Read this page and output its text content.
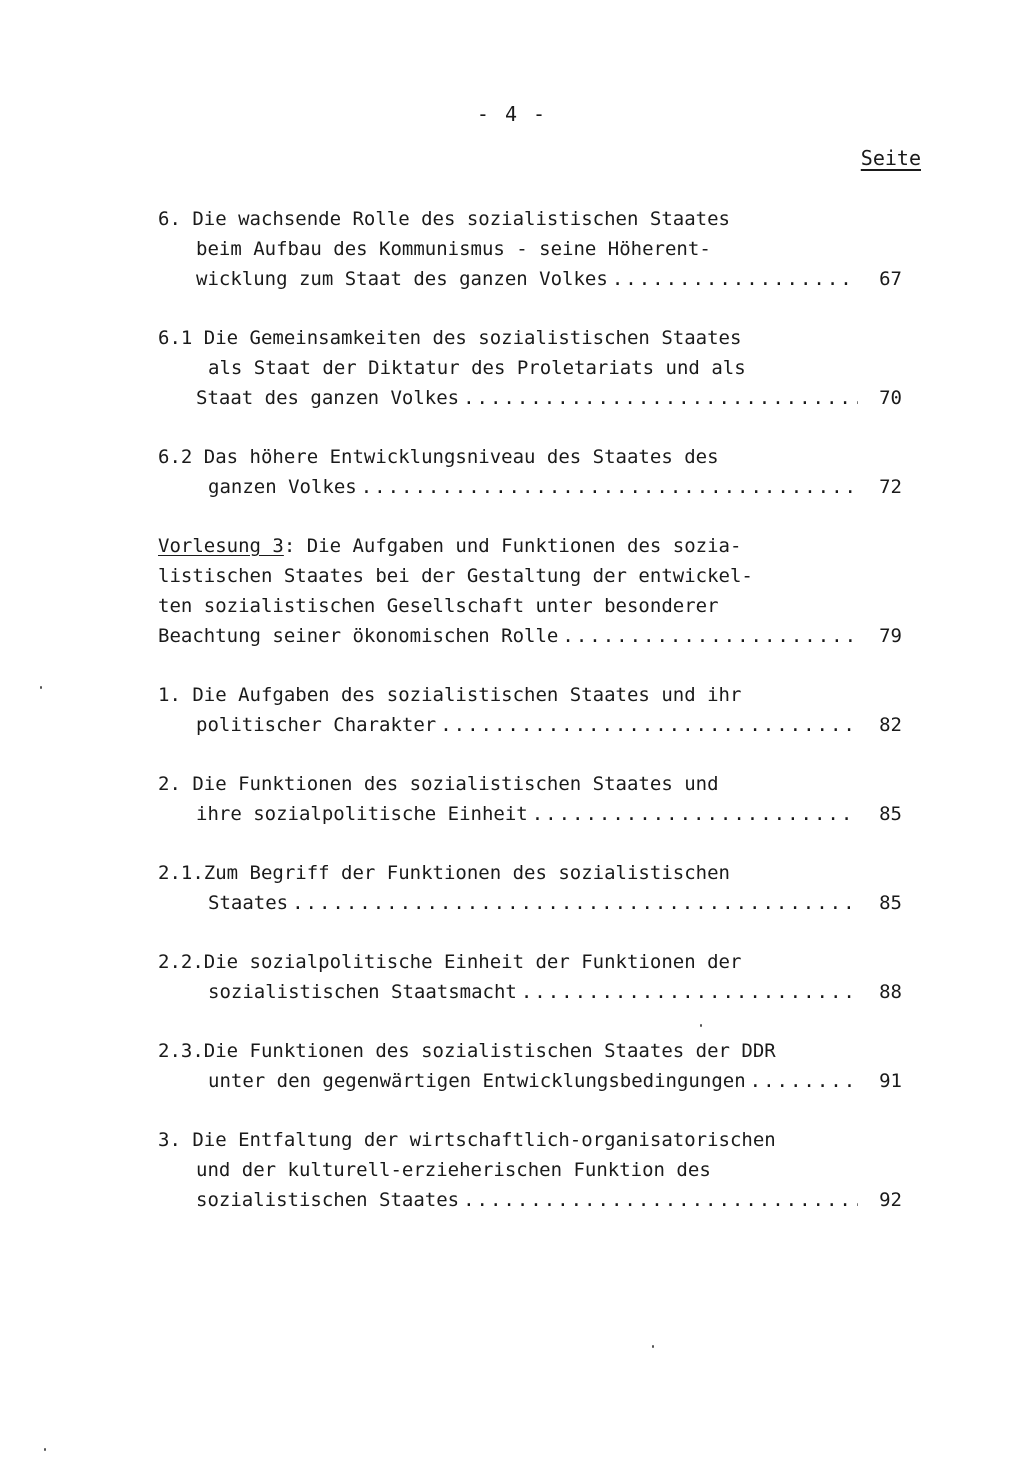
- 4 -
Seite
6. Die wachsende Rolle des sozialistischen Staates
beim Aufbau des Kommunismus - seine Höherent-
wicklung zum Staat des ganzen Volkes .....	67
6.1 Die Gemeinsamkeiten des sozialistischen Staates
als Staat der Diktatur des Proletariats und als
Staat des ganzen Volkes .....	70
6.2 Das höhere Entwicklungsniveau des Staates des
ganzen Volkes .....	72
Vorlesung 3: Die Aufgaben und Funktionen des sozia-
listischen Staates bei der Gestaltung der entwickel-
ten sozialistischen Gesellschaft unter besonderer
Beachtung seiner ökonomischen Rolle .....	79
1. Die Aufgaben des sozialistischen Staates und ihr
politischer Charakter .....	82
2. Die Funktionen des sozialistischen Staates und
ihre sozialpolitische Einheit .....	85
2.1.Zum Begriff der Funktionen des sozialistischen
Staates .....	85
2.2.Die sozialpolitische Einheit der Funktionen der
sozialistischen Staatsmacht .....	88
2.3.Die Funktionen des sozialistischen Staates der DDR
unter den gegenwärtigen Entwicklungsbedingungen .....	91
3. Die Entfaltung der wirtschaftlich-organisatorischen
und der kulturell-erzieherischen Funktion des
sozialistischen Staates .....	92
